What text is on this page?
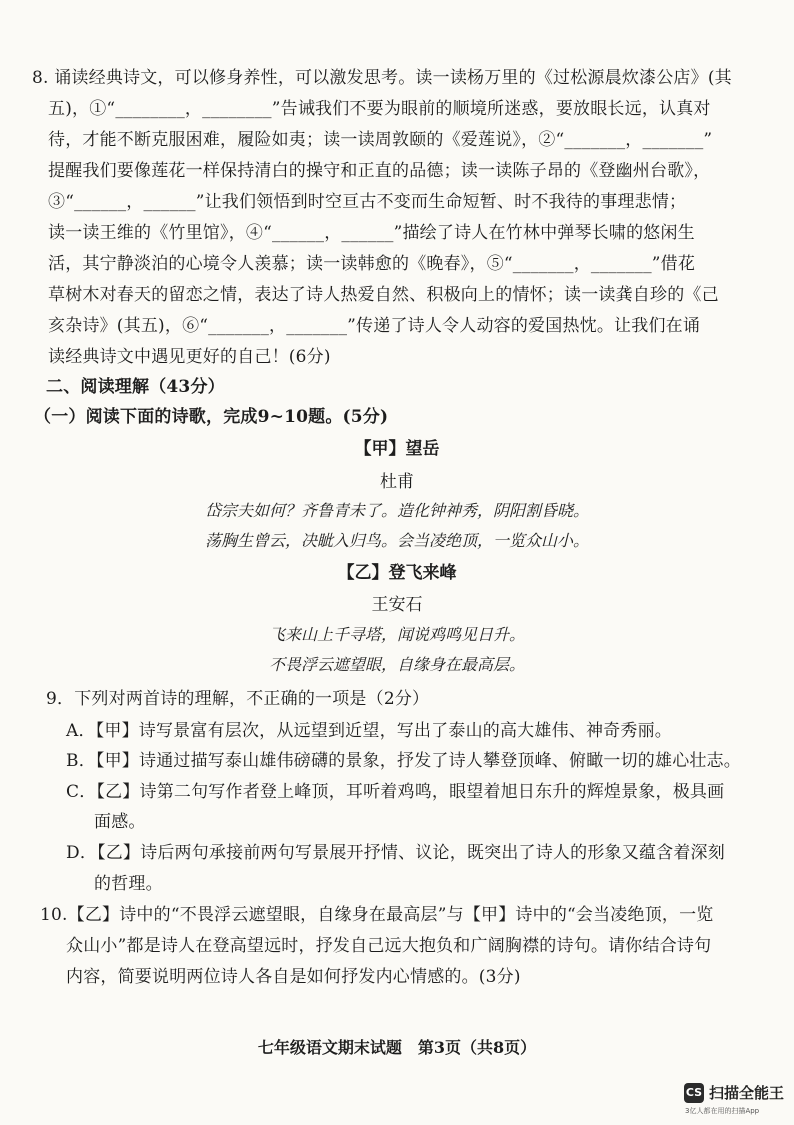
8. 诵读经典诗文，可以修身养性，可以激发思考。读一读杨万里的《过松源晨炊漆公店》(其
五)，①“________，________”告诫我们不要为眼前的顺境所迷惑，要放眼长远，认真对
待，才能不断克服困难，履险如夷；读一读周敦颐的《爱莲说》，②“_______，_______”
提醒我们要像莲花一样保持清白的操守和正直的品德；读一读陈子昂的《登幽州台歌》，
③“______，______”让我们领悟到时空亘古不变而生命短暂、时不我待的事理悲情；
读一读王维的《竹里馆》，④“______，______”描绘了诗人在竹林中弹琴长啸的悠闲生
活，其宁静淡泊的心境令人羡慕；读一读韩愈的《晚春》，⑤“_______，_______”借花
草树木对春天的留恋之情，表达了诗人热爱自然、积极向上的情怀；读一读龚自珍的《己
亥杂诗》(其五)，⑥“_______，_______”传递了诗人令人动容的爱国热忱。让我们在诵
读经典诗文中遇见更好的自己！(6分)
二、阅读理解（43分）
（一）阅读下面的诗歌，完成9~10题。(5分)
【甲】望岳
杜甫
岱宗夫如何？齐鲁青未了。造化钟神秀，阴阳割昏晓。
荡胸生曾云，决眦入归鸟。会当凌绝顶，一览众山小。
【乙】登飞来峰
王安石
飞来山上千寻塔，闻说鸡鸣见日升。
不畏浮云遮望眼，自缘身在最高层。
9．下列对两首诗的理解，不正确的一项是（2分）
A．【甲】诗写景富有层次，从远望到近望，写出了泰山的高大雄伟、神奇秀丽。
B．【甲】诗通过描写泰山雄伟磅礴的景象，抒发了诗人攀登顶峰、俯瞰一切的雄心壮志。
C．【乙】诗第二句写作者登上峰顶，耳听着鸡鸣，眼望着旭日东升的辉煌景象，极具画
面感。
D．【乙】诗后两句承接前两句写景展开抒情、议论，既突出了诗人的形象又蕴含着深刻
的哲理。
10.【乙】诗中的“不畏浮云遮望眼，自缘身在最高层”与【甲】诗中的“会当凌绝顶，一览
众山小”都是诗人在登高望远时，抒发自己远大抱负和广阔胸襟的诗句。请你结合诗句
内容，简要说明两位诗人各自是如何抒发内心情感的。(3分)
七年级语文期末试题　第3页（共8页）
CS 扫描全能王
3亿人都在用的扫描App
